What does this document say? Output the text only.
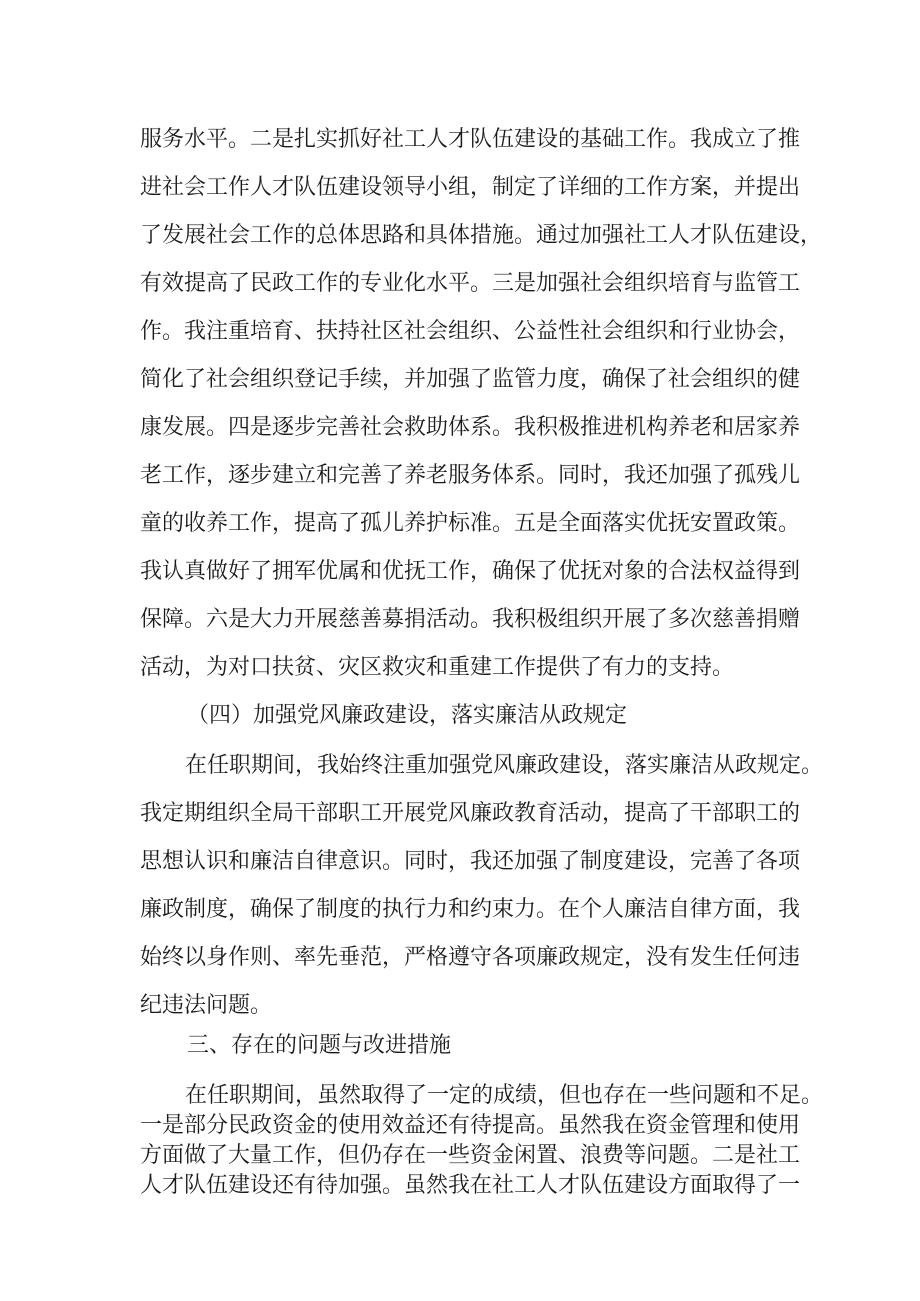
服务水平。二是扎实抓好社工人才队伍建设的基础工作。我成立了推
进社会工作人才队伍建设领导小组，制定了详细的工作方案，并提出
了发展社会工作的总体思路和具体措施。通过加强社工人才队伍建设，
有效提高了民政工作的专业化水平。三是加强社会组织培育与监管工
作。我注重培育、扶持社区社会组织、公益性社会组织和行业协会，
简化了社会组织登记手续，并加强了监管力度，确保了社会组织的健
康发展。四是逐步完善社会救助体系。我积极推进机构养老和居家养
老工作，逐步建立和完善了养老服务体系。同时，我还加强了孤残儿
童的收养工作，提高了孤儿养护标准。五是全面落实优抚安置政策。
我认真做好了拥军优属和优抚工作，确保了优抚对象的合法权益得到
保障。六是大力开展慈善募捐活动。我积极组织开展了多次慈善捐赠
活动，为对口扶贫、灾区救灾和重建工作提供了有力的支持。
（四）加强党风廉政建设，落实廉洁从政规定
在任职期间，我始终注重加强党风廉政建设，落实廉洁从政规定。
我定期组织全局干部职工开展党风廉政教育活动，提高了干部职工的
思想认识和廉洁自律意识。同时，我还加强了制度建设，完善了各项
廉政制度，确保了制度的执行力和约束力。在个人廉洁自律方面，我
始终以身作则、率先垂范，严格遵守各项廉政规定，没有发生任何违
纪违法问题。
三、存在的问题与改进措施
在任职期间，虽然取得了一定的成绩，但也存在一些问题和不足。
一是部分民政资金的使用效益还有待提高。虽然我在资金管理和使用
方面做了大量工作，但仍存在一些资金闲置、浪费等问题。二是社工
人才队伍建设还有待加强。虽然我在社工人才队伍建设方面取得了一
